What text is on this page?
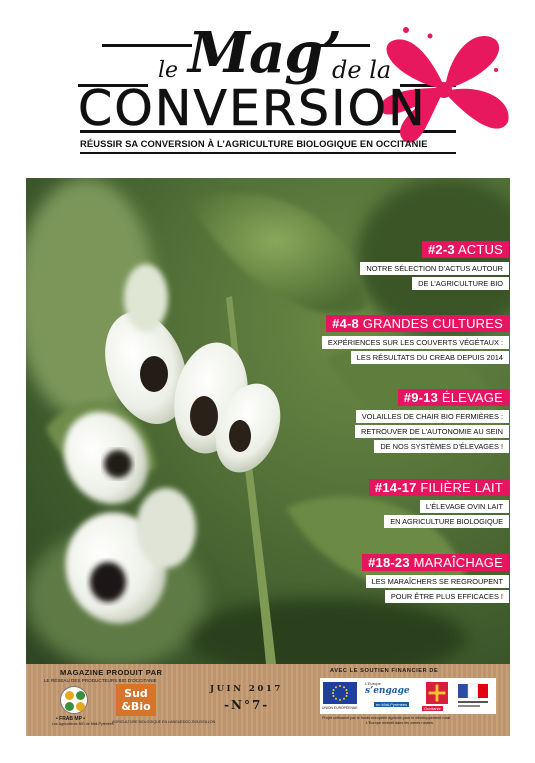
le Mag’
de la
CONVERSION
RÉUSSIR SA CONVERSION À L’AGRICULTURE BIOLOGIQUE EN OCCITANIE
#2-3 ACTUS
NOTRE SÉLECTION D’ACTUS AUTOUR
DE L’AGRICULTURE BIO
#4-8 GRANDES CULTURES
EXPÉRIENCES SUR LES COUVERTS VÉGÉTAUX :
LES RÉSULTATS DU CREAB DEPUIS 2014
#9-13 ÉLEVAGE
VOLAILLES DE CHAIR BIO FERMIÈRES :
RETROUVER DE L’AUTONOMIE AU SEIN
DE NOS SYSTÈMES D’ÉLEVAGES !
#14-17 FILIÈRE LAIT
L’ÉLEVAGE OVIN LAIT
EN AGRICULTURE BIOLOGIQUE
#18-23 MARAÎCHAGE
LES MARAÎCHERS SE REGROUPENT
POUR ÊTRE PLUS EFFICACES !
MAGAZINE PRODUIT PAR
LE RÉSEAU DES PRODUCTEURS BIO D’OCCITANIE
• FRAB MP •
Les Agriculteurs BIO de Midi-Pyrénées
Sud
&Bio
AGRICULTURE BIOLOGIQUE EN LANGUEDOC-ROUSSILLON
JUIN 2017
-N°7-
AVEC LE SOUTIEN FINANCIER DE
UNION EUROPÉENNE
L’Europe
s’engage
en Midi-Pyrénées
Occitanie
Projet cofinancé par le fonds européen agricole pour le développement rural
L’Europe investit dans les zones rurales
